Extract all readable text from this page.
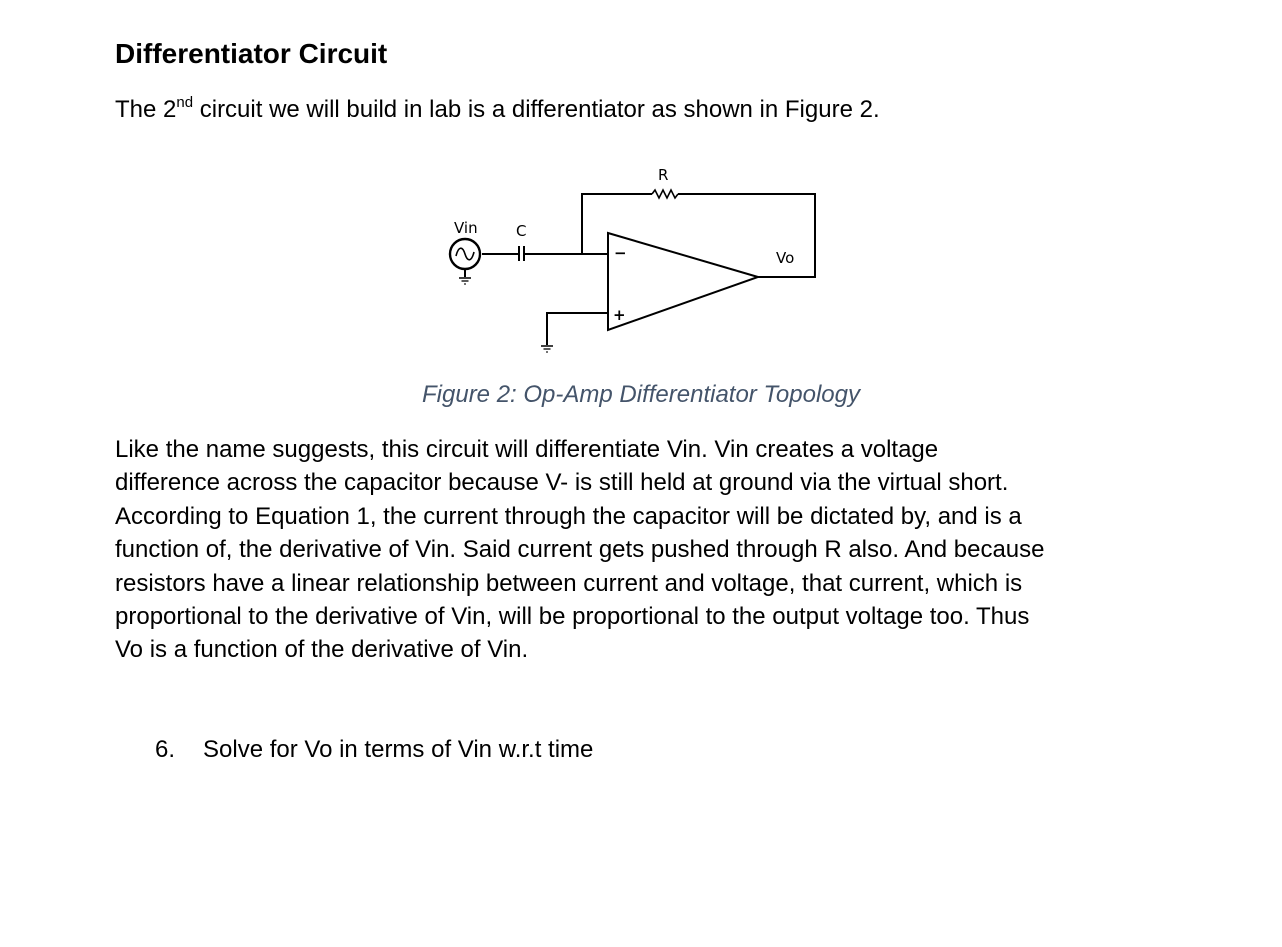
Differentiator Circuit

The 2nd circuit we will build in lab is a differentiator as shown in Figure 2.

Vin	C
R
Vo
−
+

Figure 2: Op-Amp Differentiator Topology

Like the name suggests, this circuit will differentiate Vin. Vin creates a voltage
difference across the capacitor because V- is still held at ground via the virtual short.
According to Equation 1, the current through the capacitor will be dictated by, and is a
function of, the derivative of Vin. Said current gets pushed through R also. And because
resistors have a linear relationship between current and voltage, that current, which is
proportional to the derivative of Vin, will be proportional to the output voltage too. Thus
Vo is a function of the derivative of Vin.

6. Solve for Vo in terms of Vin w.r.t time
